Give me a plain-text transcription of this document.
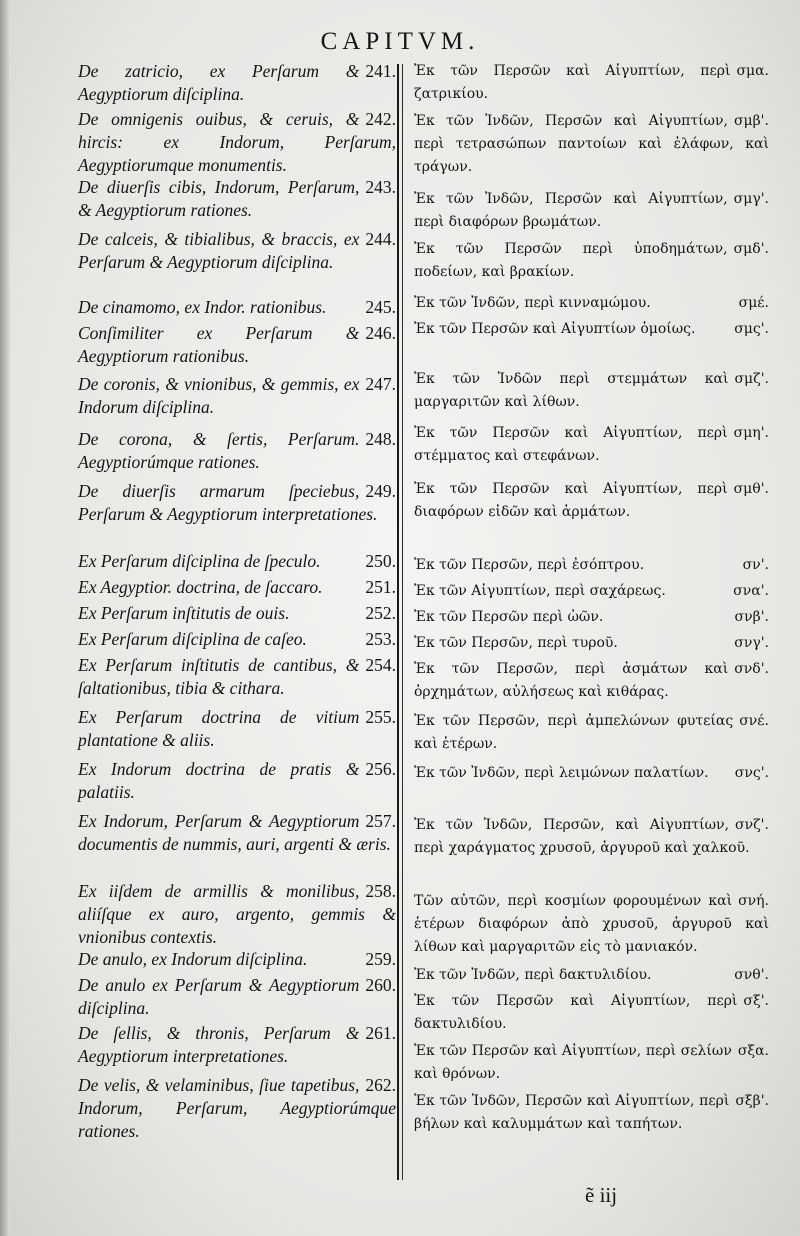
CAPITVM.
241.
De zatricio, ex Perſarum & Aegyptiorum diſciplina.
242.
De omnigenis ouibus, & ceruis, & hircis: ex Indorum, Perſarum, Aegyptiorumque monumentis.
243.
De diuerſis cibis, Indorum, Perſarum, & Aegyptiorum rationes.
244.
De calceis, & tibialibus, & braccis, ex Perſarum & Aegyptiorum diſciplina.
245.
De cinamomo, ex Indor. rationibus.
246.
Conſimiliter ex Perſarum & Aegyptiorum rationibus.
247.
De coronis, & vnionibus, & gemmis, ex Indorum diſciplina.
248.
De corona, & ſertis, Perſarum. Aegyptiorúmque rationes.
249.
De diuerſis armarum ſpeciebus, Perſarum & Aegyptiorum interpretationes.
250.
Ex Perſarum diſciplina de ſpeculo.
251.
Ex Aegyptior. doctrina, de ſaccaro.
252.
Ex Perſarum inſtitutis de ouis.
253.
Ex Perſarum diſciplina de caſeo.
254.
Ex Perſarum inſtitutis de cantibus, & ſaltationibus, tibia & cithara.
255.
Ex Perſarum doctrina de vitium plantatione & aliis.
256.
Ex Indorum doctrina de pratis & palatiis.
257.
Ex Indorum, Perſarum & Aegyptiorum documentis de nummis, auri, argenti & æris.
258.
Ex iiſdem de armillis & monilibus, aliíſque ex auro, argento, gemmis & vnionibus contextis.
259.
De anulo, ex Indorum diſciplina.
260.
De anulo ex Perſarum & Aegyptiorum diſciplina.
261.
De ſellis, & thronis, Perſarum & Aegyptiorum interpretationes.
262.
De velis, & velaminibus, ſiue tapetibus, Indorum, Perſarum, Aegyptiorúmque rationes.
σμα.
Ἐκ τῶν Περσῶν καὶ Αἰγυπτίων, περὶ ζατρικίου.
σμβ'.
Ἐκ τῶν Ἰνδῶν, Περσῶν καὶ Αἰγυπτίων, περὶ τετρασώπων παντοίων καὶ ἐλάφων, καὶ τράγων.
σμγ'.
Ἐκ τῶν Ἰνδῶν, Περσῶν καὶ Αἰγυπτίων, περὶ διαφόρων βρωμάτων.
σμδ'.
Ἐκ τῶν Περσῶν περὶ ὑποδημάτων, ποδείων, καὶ βρακίων.
σμέ.
Ἐκ τῶν Ἰνδῶν, περὶ κινναμώμου.
σμς'.
Ἐκ τῶν Περσῶν καὶ Αἰγυπτίων ὁμοίως.
σμζ'.
Ἐκ τῶν Ἰνδῶν περὶ στεμμάτων καὶ μαργαριτῶν καὶ λίθων.
σμη'.
Ἐκ τῶν Περσῶν καὶ Αἰγυπτίων, περὶ στέμματος καὶ στεφάνων.
σμθ'.
Ἐκ τῶν Περσῶν καὶ Αἰγυπτίων, περὶ διαφόρων εἰδῶν καὶ ἁρμάτων.
σν'.
Ἐκ τῶν Περσῶν, περὶ ἐσόπτρου.
σνα'.
Ἐκ τῶν Αἰγυπτίων, περὶ σαχάρεως.
σνβ'.
Ἐκ τῶν Περσῶν περὶ ὠῶν.
σνγ'.
Ἐκ τῶν Περσῶν, περὶ τυροῦ.
σνδ'.
Ἐκ τῶν Περσῶν, περὶ ἀσμάτων καὶ ὀρχημάτων, αὐλήσεως καὶ κιθάρας.
σνέ.
Ἐκ τῶν Περσῶν, περὶ ἀμπελώνων φυτείας καὶ ἑτέρων.
σνς'.
Ἐκ τῶν Ἰνδῶν, περὶ λειμώνων παλατίων.
σνζ'.
Ἐκ τῶν Ἰνδῶν, Περσῶν, καὶ Αἰγυπτίων, περὶ χαράγματος χρυσοῦ, ἀργυροῦ καὶ χαλκοῦ.
σνή.
Τῶν αὐτῶν, περὶ κοσμίων φορουμένων καὶ ἑτέρων διαφόρων ἀπὸ χρυσοῦ, ἀργυροῦ καὶ λίθων καὶ μαργαριτῶν εἰς τὸ μανιακόν.
σνθ'.
Ἐκ τῶν Ἰνδῶν, περὶ δακτυλιδίου.
σξ'.
Ἐκ τῶν Περσῶν καὶ Αἰγυπτίων, περὶ δακτυλιδίου.
σξα.
Ἐκ τῶν Περσῶν καὶ Αἰγυπτίων, περὶ σελίων καὶ θρόνων.
σξβ'.
Ἐκ τῶν Ἰνδῶν, Περσῶν καὶ Αἰγυπτίων, περὶ βήλων καὶ καλυμμάτων καὶ ταπήτων.
ẽ iij
